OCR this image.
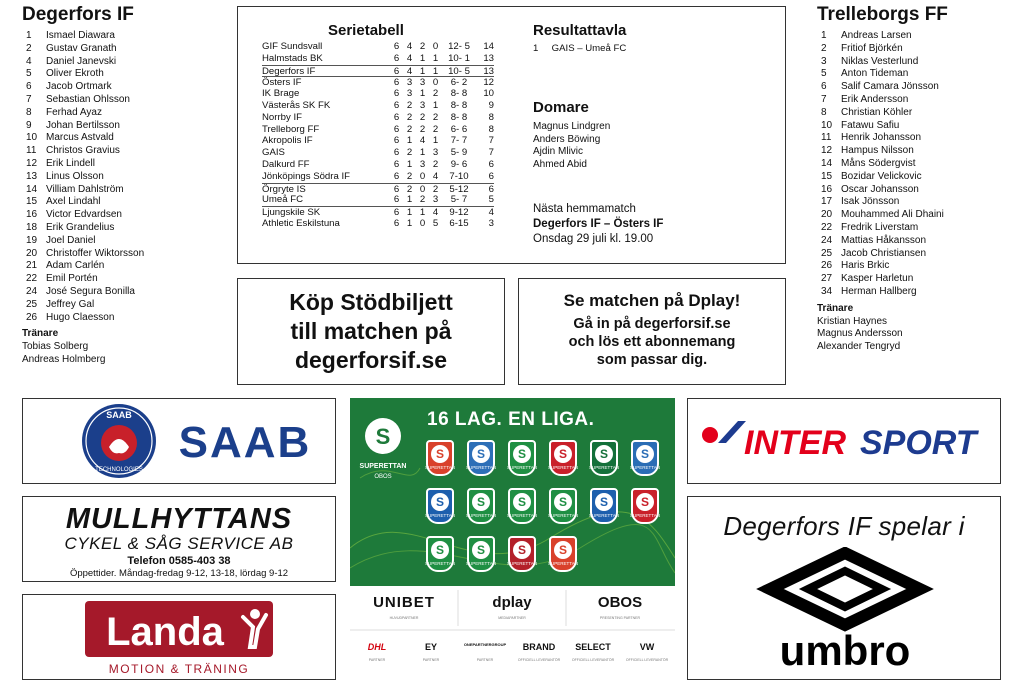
Degerfors IF
1	Ismael Diawara
2	Gustav Granath
4	Daniel Janevski
5	Oliver Ekroth
6	Jacob Ortmark
7	Sebastian Ohlsson
8	Ferhad Ayaz
9	Johan Bertilsson
10 Marcus Astvald
11 Christos Gravius
12 Erik Lindell
13 Linus Olsson
14 Villiam Dahlström
15 Axel Lindahl
16 Victor Edvardsen
18 Erik Grandelius
19 Joel Daniel
20 Christoffer Wiktorsson
21 Adam Carlén
22 Emil Portén
24 José Segura Bonilla
25 Jeffrey Gal
26 Hugo Claesson
Tränare
Tobias Solberg
Andreas Holmberg
Trelleborgs FF
1	Andreas Larsen
2	Fritiof Björkén
3	Niklas Vesterlund
5	Anton Tideman
6	Salif Camara Jönsson
7	Erik Andersson
8	Christian Köhler
10 Fatawu Safiu
11 Henrik Johansson
12 Hampus Nilsson
14 Måns Södergvist
15 Bozidar Velickovic
16 Oscar Johansson
17 Isak Jönsson
20 Mouhammed Ali Dhaini
22 Fredrik Liverstam
24 Mattias Håkansson
25 Jacob Christiansen
26 Haris Brkic
27 Kasper Harletun
34 Herman Hallberg
Tränare
Kristian Haynes
Magnus Andersson
Alexander Tengryd
Serietabell
GIF Sundsvall	6 4 2 0	12- 5	14
Halmstads BK	6 4 1 1	10- 1	13
Degerfors IF	6 4 1 1	10- 5	13
Östers IF	6 3 3 0	6- 2	12
IK Brage	6 3 1 2	8- 8	10
Västerås SK FK	6 2 3 1	8- 8	9
Norrby IF	6 2 2 2	8- 8	8
Trelleborg FF	6 2 2 2	6- 6	8
Akropolis IF	6 1 4 1	7- 7	7
GAIS	6 2 1 3	5- 9	7
Dalkurd FF	6 1 3 2	9- 6	6
Jönköpings Södra IF	6 2 0 4	7-10	6
Örgryte IS	6 2 0 2	5-12	6
Umeå FC	6 1 2 3	5- 7	5
Ljungskile SK	6 1 1 4	9-12	4
Athletic Eskilstuna	6 1 0 5	6-15	3
Resultattavla
1     GAIS – Umeå FC
Domare
Magnus Lindgren
Anders Böwing
Ajdin Mlivic
Ahmed Abid
Nästa hemmamatch
Degerfors IF – Östers IF
Onsdag 29 juli kl. 19.00
Köp Stödbiljett
till matchen på
degerforsif.se
Se matchen på Dplay!
Gå in på degerforsif.se
och lös ett abonnemang
som passar dig.
SAAB
TECHNOLOGIES
SAAB
MULLHYTTANS
CYKEL & SÅG SERVICE AB
Telefon 0585-403 38
Öppettider. Måndag-fredag 9-12, 13-18, lördag 9-12
Landa
MOTION & TRÄNING
INTER SPORT
Degerfors IF spelar i
umbro
S
SUPERETTAN
OBOS
16 LAG. EN LIGA.
S
SUPERETTAN
S
SUPERETTAN
S
SUPERETTAN
S
SUPERETTAN
S
SUPERETTAN
S
SUPERETTAN
S
SUPERETTAN
S
SUPERETTAN
S
SUPERETTAN
S
SUPERETTAN
S
SUPERETTAN
S
SUPERETTAN
S
SUPERETTAN
S
SUPERETTAN
S
SUPERETTAN
S
SUPERETTAN
UNIBET
HUVUDPARTNER
dplay
MEDIAPARTNER
OBOS
PRESENTING PARTNER
DHL
PARTNER
EY
PARTNER
ONEPARTNERGROUP
PARTNER
BRAND
OFFICIELL LEVERANTÖR
SELECT
OFFICIELL LEVERANTÖR
VW
OFFICIELL LEVERANTÖR
